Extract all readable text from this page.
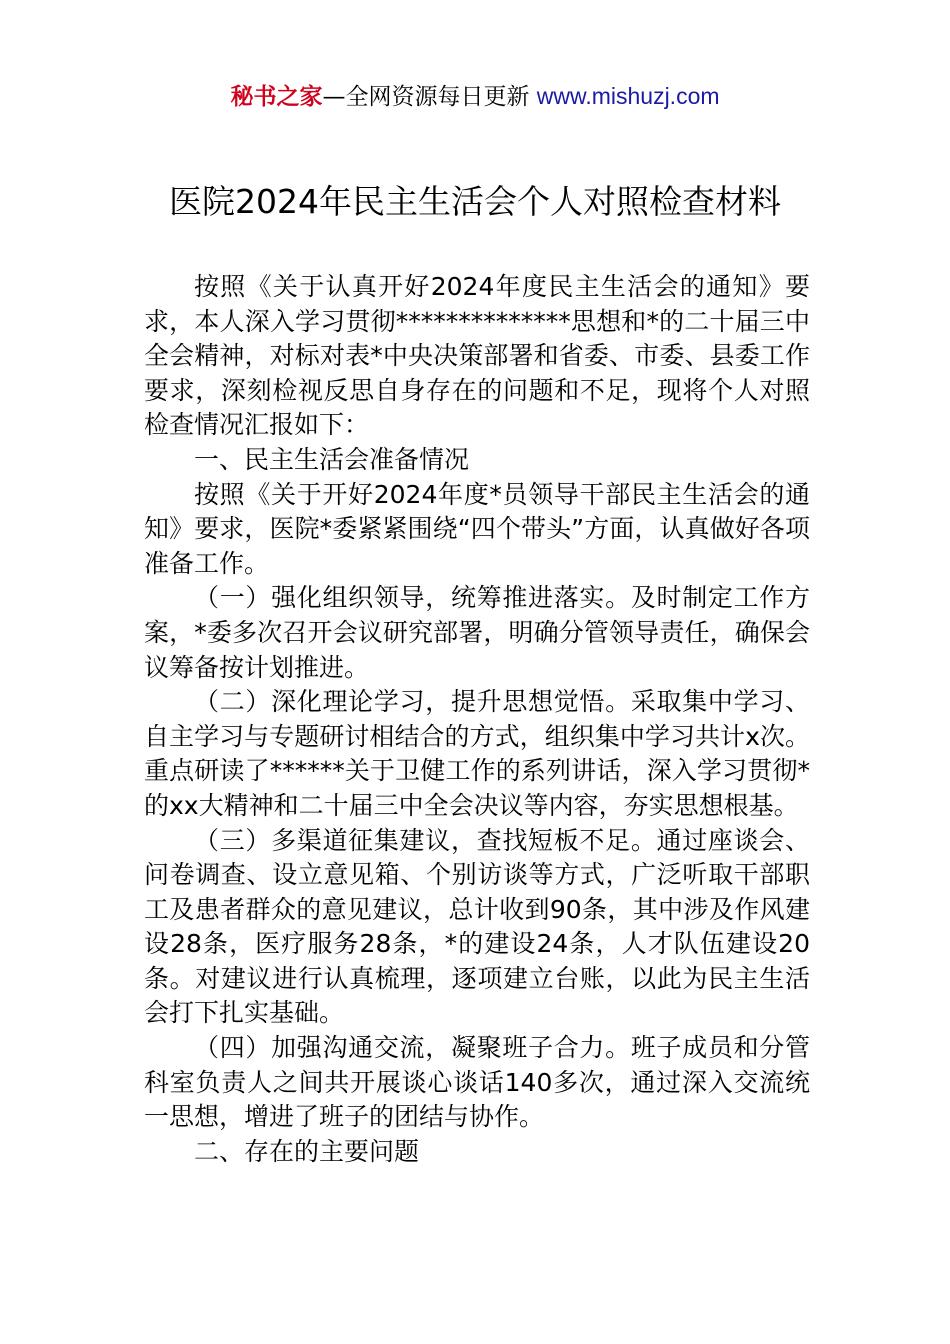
秘书之家—全网资源每日更新 www.mishuzj.com
医院2024年民主生活会个人对照检查材料

按照《关于认真开好2024年度民主生活会的通知》要求，本人深入学习贯彻**************思想和*的二十届三中全会精神，对标对表*中央决策部署和省委、市委、县委工作要求，深刻检视反思自身存在的问题和不足，现将个人对照检查情况汇报如下：

一、民主生活会准备情况

按照《关于开好2024年度*员领导干部民主生活会的通知》要求，医院*委紧紧围绕“四个带头”方面，认真做好各项准备工作。

（一）强化组织领导，统筹推进落实。及时制定工作方案，*委多次召开会议研究部署，明确分管领导责任，确保会议筹备按计划推进。

（二）深化理论学习，提升思想觉悟。采取集中学习、自主学习与专题研讨相结合的方式，组织集中学习共计x次。重点研读了******关于卫健工作的系列讲话，深入学习贯彻*的xx大精神和二十届三中全会决议等内容，夯实思想根基。

（三）多渠道征集建议，查找短板不足。通过座谈会、问卷调查、设立意见箱、个别访谈等方式，广泛听取干部职工及患者群众的意见建议，总计收到90条，其中涉及作风建设28条，医疗服务28条，*的建设24条，人才队伍建设20条。对建议进行认真梳理，逐项建立台账，以此为民主生活会打下扎实基础。

（四）加强沟通交流，凝聚班子合力。班子成员和分管科室负责人之间共开展谈心谈话140多次，通过深入交流统一思想，增进了班子的团结与协作。

二、存在的主要问题
